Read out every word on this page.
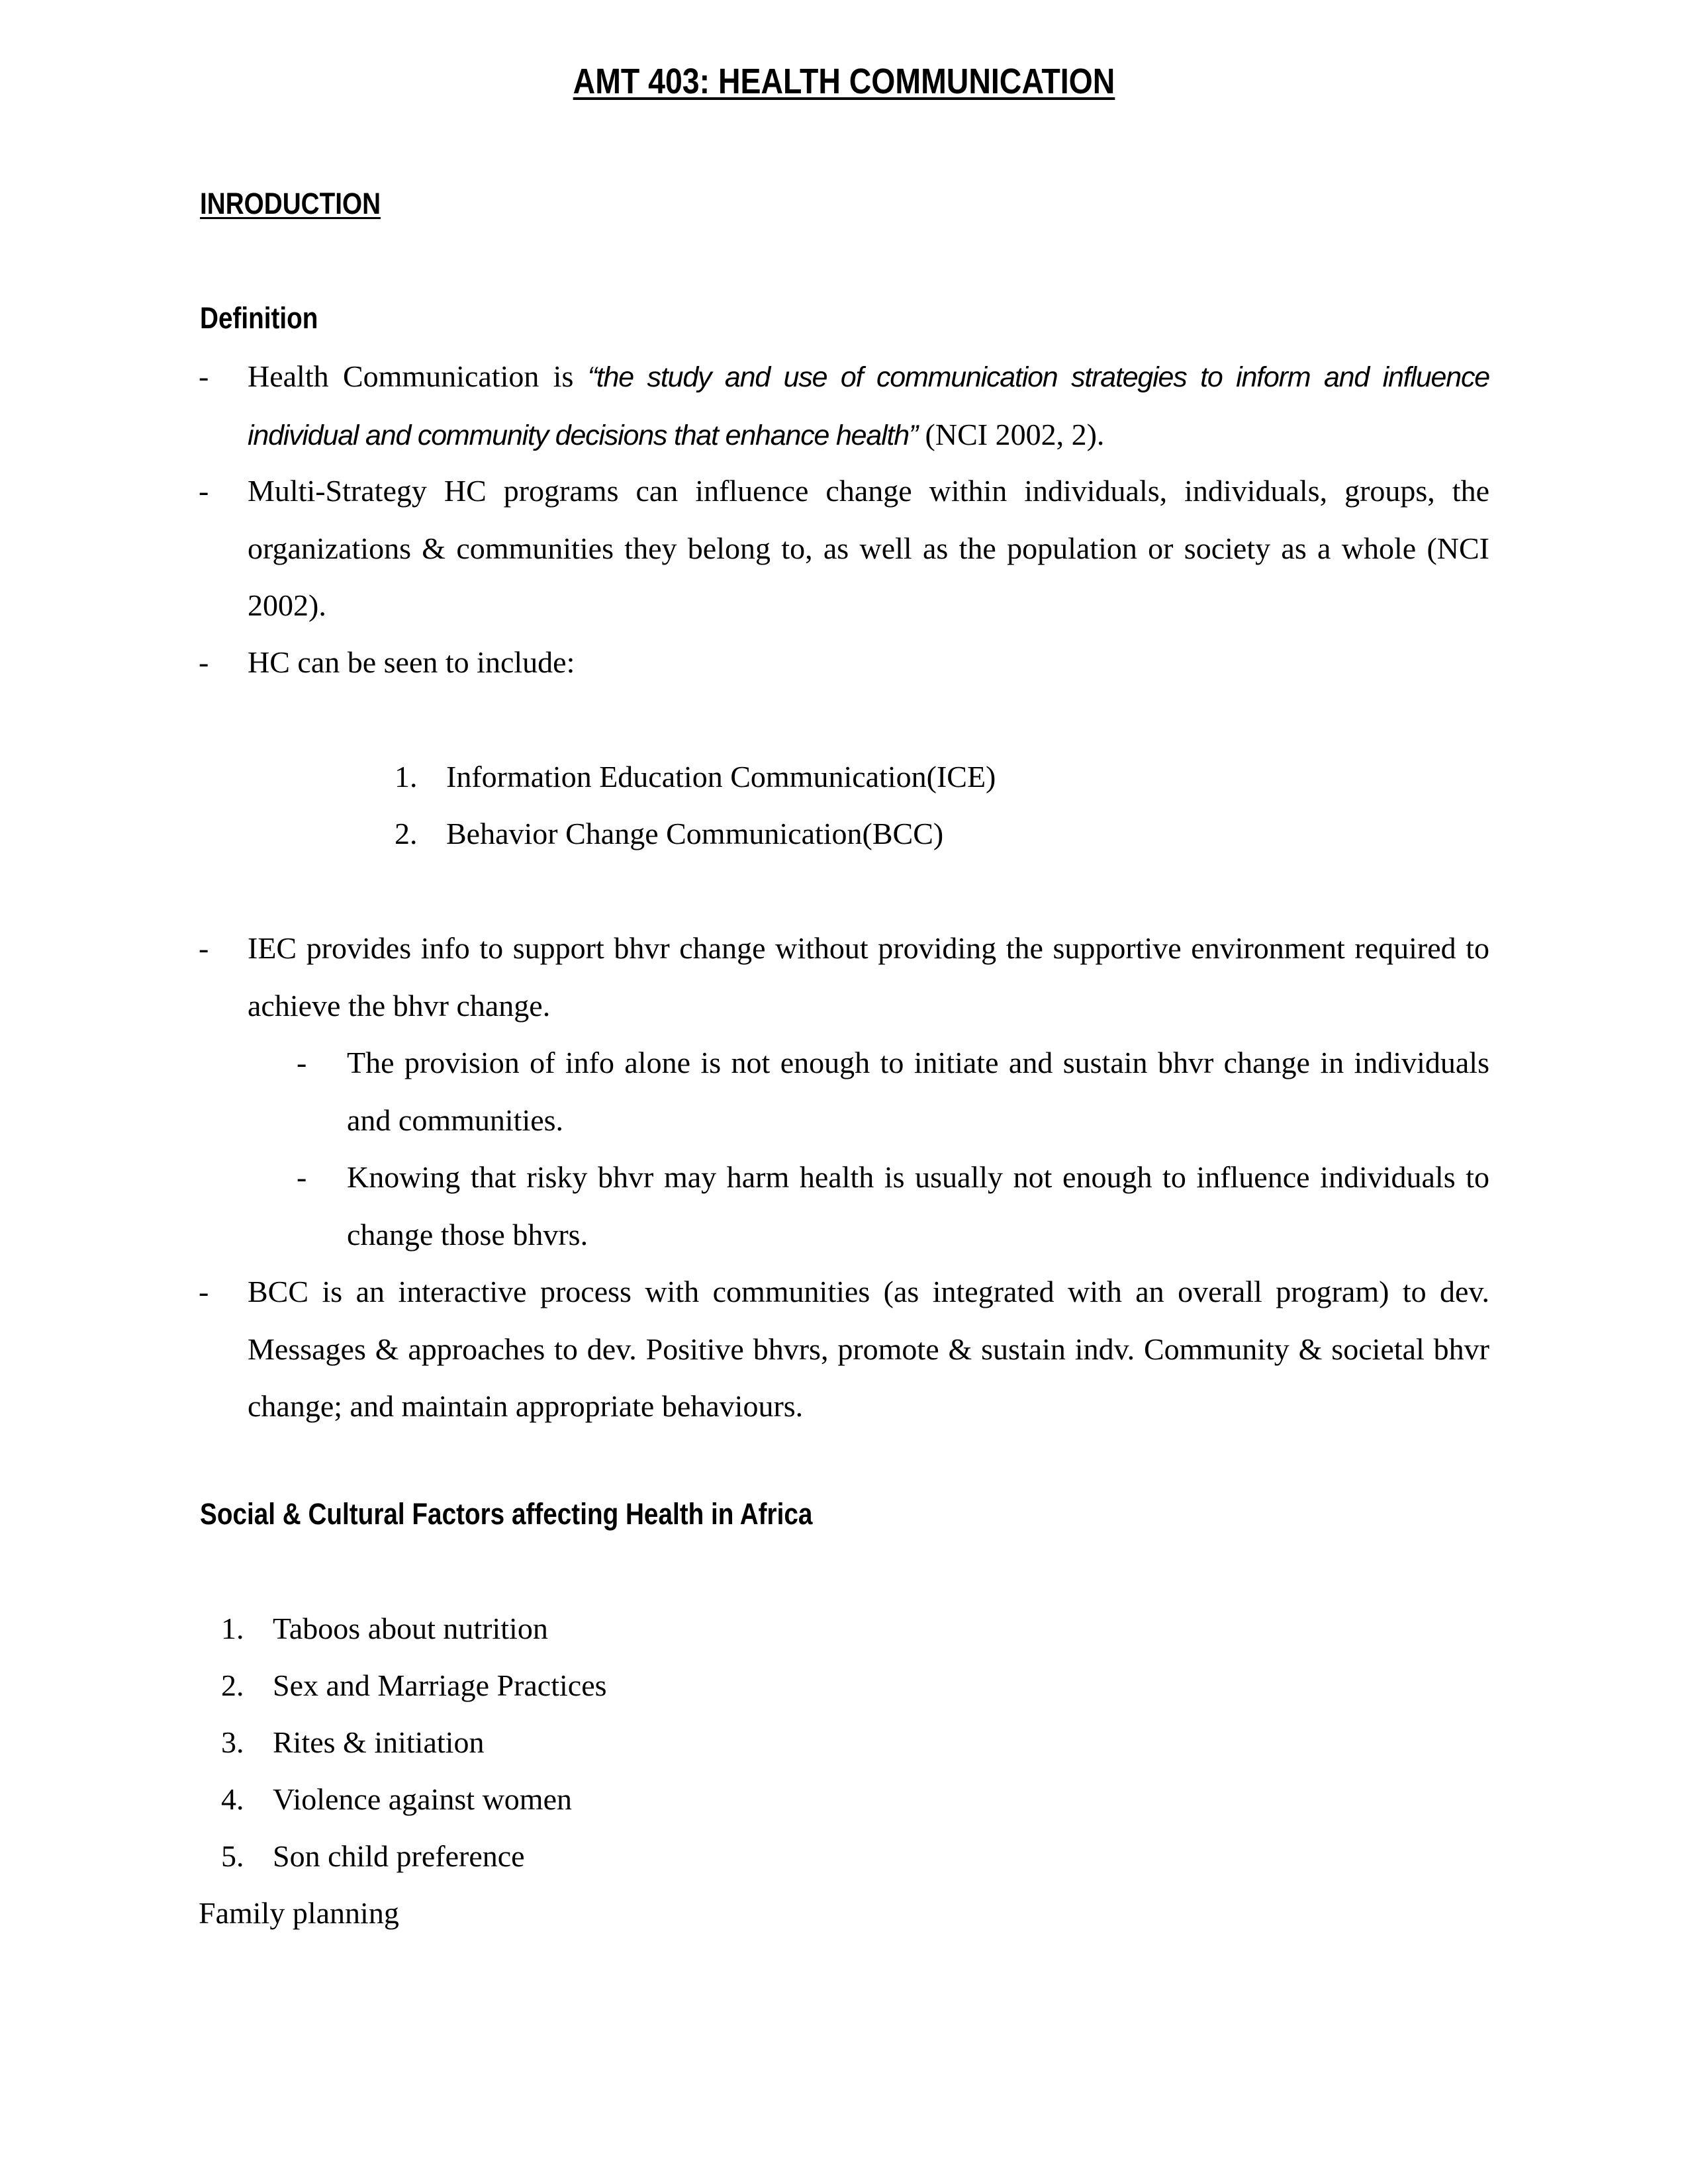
AMT 403: HEALTH COMMUNICATION
INRODUCTION
Definition
- Health Communication is “the study and use of communication strategies to inform and influence individual and community decisions that enhance health” (NCI 2002, 2).
- Multi-Strategy HC programs can influence change within individuals, individuals, groups, the organizations & communities they belong to, as well as the population or society as a whole (NCI 2002).
- HC can be seen to include:
1. Information Education Communication(ICE)
2. Behavior Change Communication(BCC)
- IEC provides info to support bhvr change without providing the supportive environment required to achieve the bhvr change.
- The provision of info alone is not enough to initiate and sustain bhvr change in individuals and communities.
- Knowing that risky bhvr may harm health is usually not enough to influence individuals to change those bhvrs.
- BCC is an interactive process with communities (as integrated with an overall program) to dev. Messages & approaches to dev. Positive bhvrs, promote & sustain indv. Community & societal bhvr change; and maintain appropriate behaviours.
Social & Cultural Factors affecting Health in Africa
1. Taboos about nutrition
2. Sex and Marriage Practices
3. Rites & initiation
4. Violence against women
5. Son child preference
Family planning
